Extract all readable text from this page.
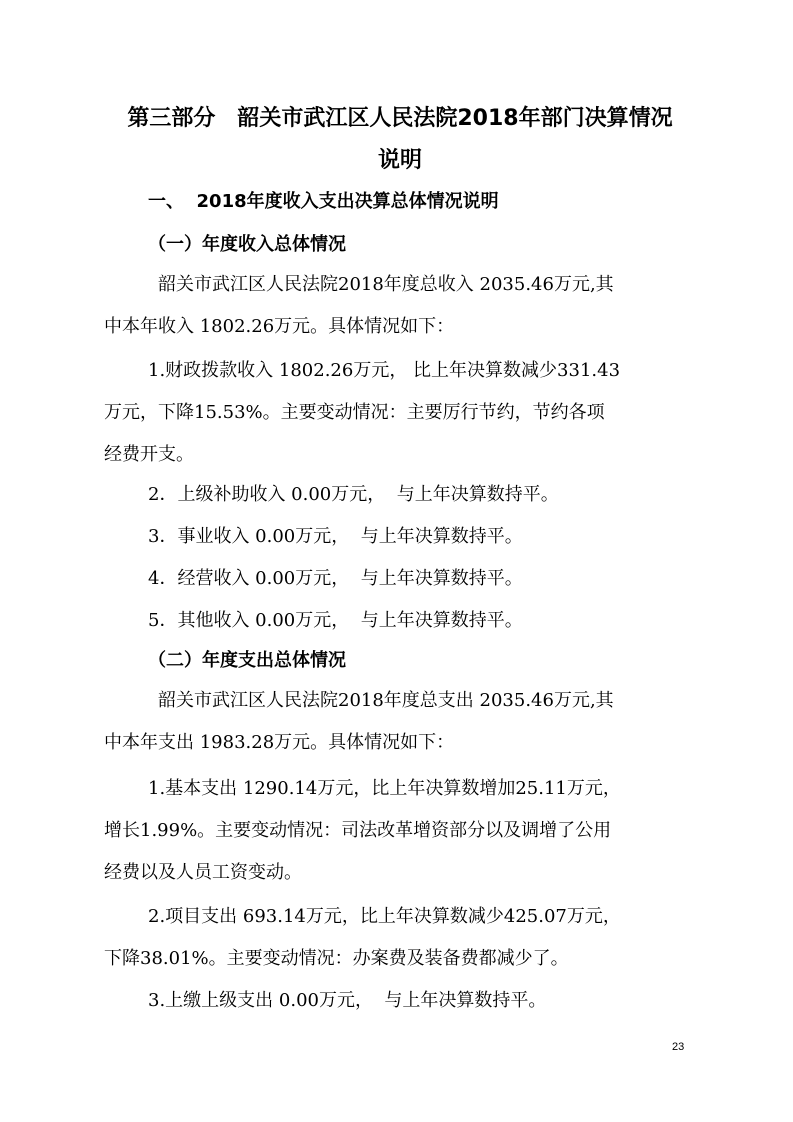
第三部分　韶关市武江区人民法院2018年部门决算情况
说明
一、  2018年度收入支出决算总体情况说明
（一）年度收入总体情况
韶关市武江区人民法院2018年度总收入 2035.46万元,其
中本年收入 1802.26万元。具体情况如下：
1.财政拨款收入 1802.26万元， 比上年决算数减少331.43
万元，下降15.53%。主要变动情况：主要厉行节约，节约各项
经费开支。
2．上级补助收入 0.00万元，  与上年决算数持平。
3．事业收入 0.00万元，  与上年决算数持平。
4．经营收入 0.00万元，  与上年决算数持平。
5．其他收入 0.00万元，  与上年决算数持平。
（二）年度支出总体情况
韶关市武江区人民法院2018年度总支出 2035.46万元,其
中本年支出 1983.28万元。具体情况如下：
1.基本支出 1290.14万元，比上年决算数增加25.11万元，
增长1.99%。主要变动情况：司法改革增资部分以及调增了公用
经费以及人员工资变动。
2.项目支出 693.14万元，比上年决算数减少425.07万元，
下降38.01%。主要变动情况：办案费及装备费都减少了。
3.上缴上级支出 0.00万元，  与上年决算数持平。
23
